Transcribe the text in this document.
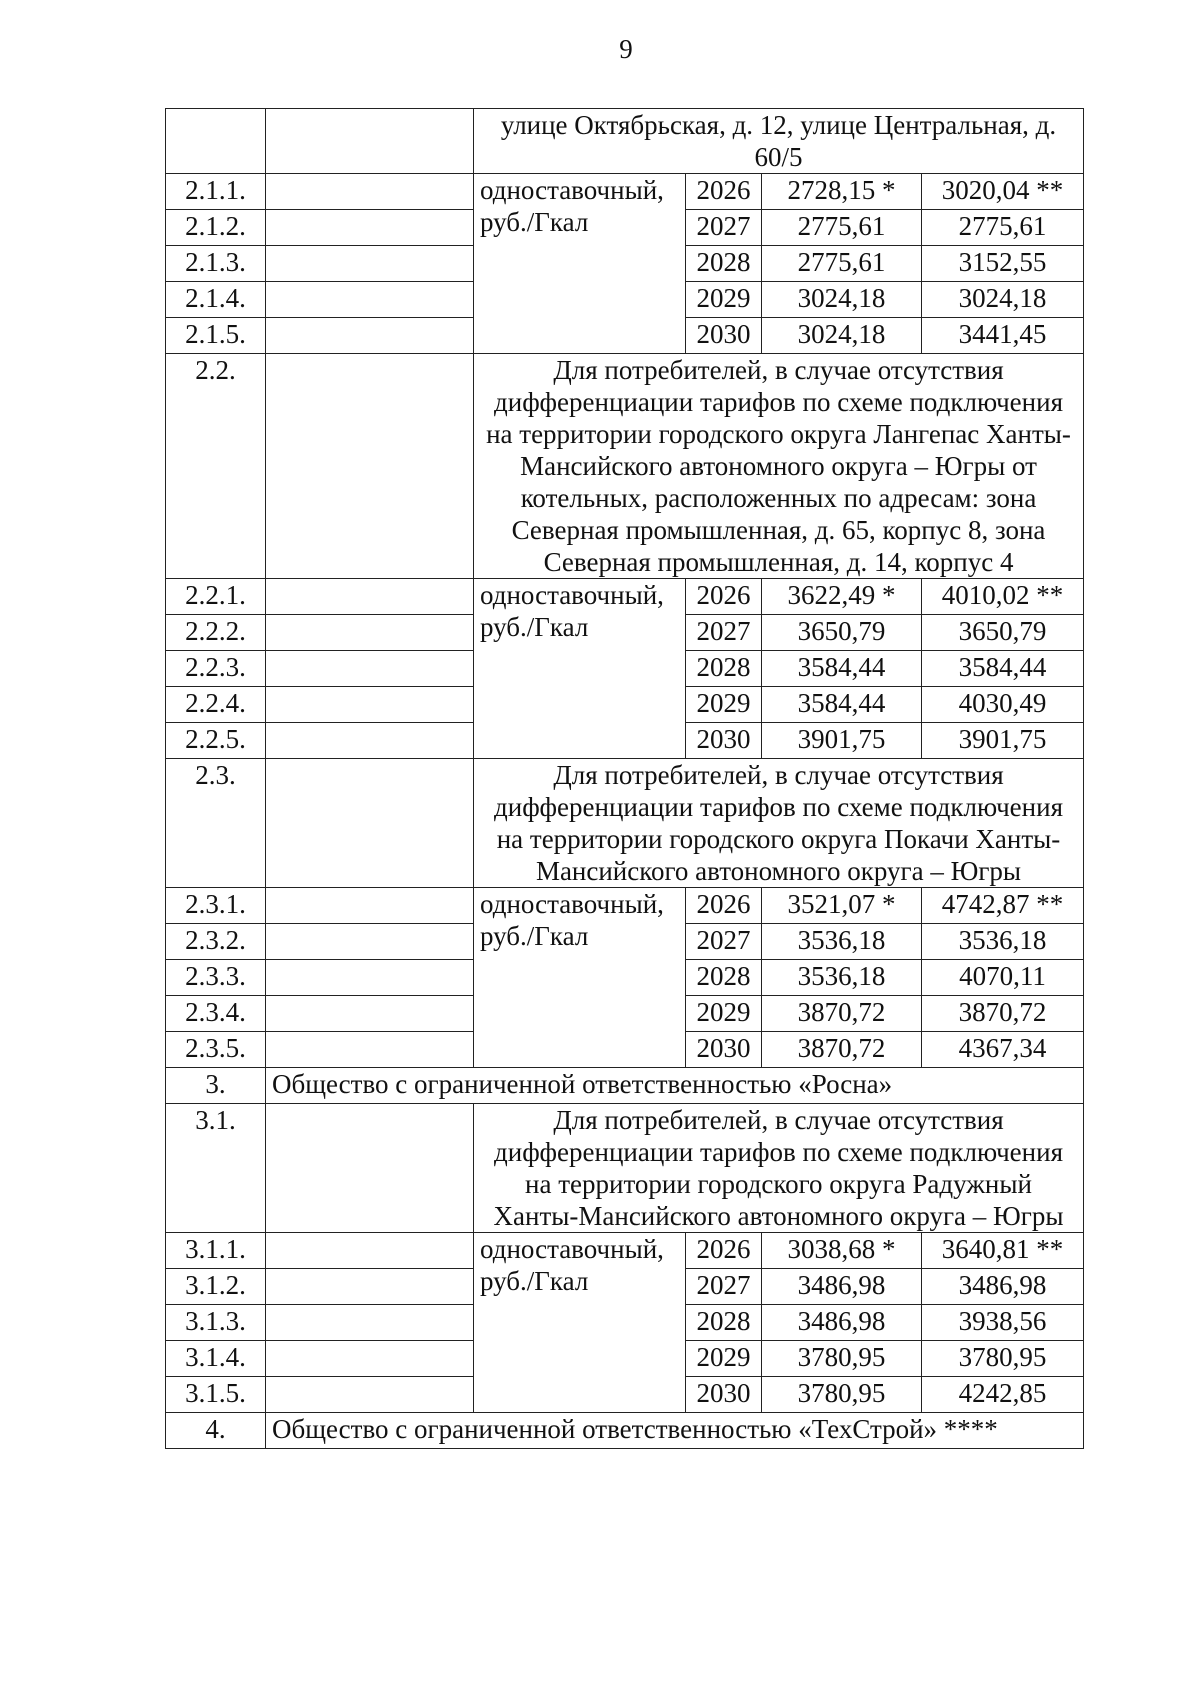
9
		улице Октябрьская, д. 12, улице Центральная, д. 60/5			
2.1.1.		одноставочный, руб./Гкал	2026	2728,15 *	3020,04 **
2.1.2.			2027	2775,61	2775,61
2.1.3.			2028	2775,61	3152,55
2.1.4.			2029	3024,18	3024,18
2.1.5.			2030	3024,18	3441,45
2.2.		Для потребителей, в случае отсутствия дифференциации тарифов по схеме подключения на территории городского округа Лангепас Ханты-Мансийского автономного округа – Югры от котельных, расположенных по адресам: зона Северная промышленная, д. 65, корпус 8, зона Северная промышленная, д. 14, корпус 4			
2.2.1.		одноставочный, руб./Гкал	2026	3622,49 *	4010,02 **
2.2.2.			2027	3650,79	3650,79
2.2.3.			2028	3584,44	3584,44
2.2.4.			2029	3584,44	4030,49
2.2.5.			2030	3901,75	3901,75
2.3.		Для потребителей, в случае отсутствия дифференциации тарифов по схеме подключения на территории городского округа Покачи Ханты-Мансийского автономного округа – Югры			
2.3.1.		одноставочный, руб./Гкал	2026	3521,07 *	4742,87 **
2.3.2.			2027	3536,18	3536,18
2.3.3.			2028	3536,18	4070,11
2.3.4.			2029	3870,72	3870,72
2.3.5.			2030	3870,72	4367,34
3.	Общество с ограниченной ответственностью «Росна»				
3.1.		Для потребителей, в случае отсутствия дифференциации тарифов по схеме подключения на территории городского округа Радужный Ханты-Мансийского автономного округа – Югры			
3.1.1.		одноставочный, руб./Гкал	2026	3038,68 *	3640,81 **
3.1.2.			2027	3486,98	3486,98
3.1.3.			2028	3486,98	3938,56
3.1.4.			2029	3780,95	3780,95
3.1.5.			2030	3780,95	4242,85
4.	Общество с ограниченной ответственностью «ТехСтрой» ****				
